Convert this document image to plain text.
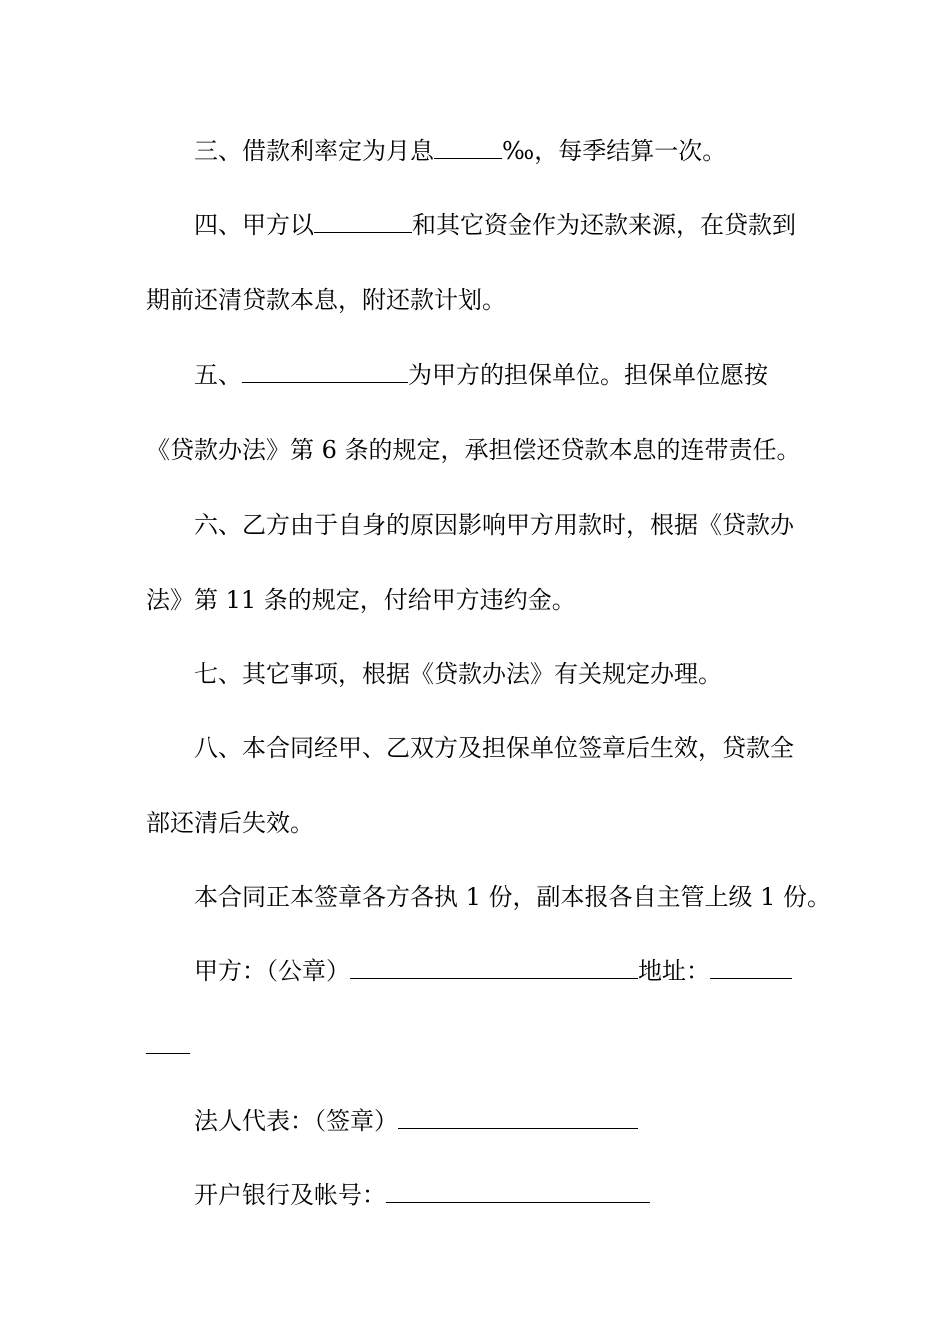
三、借款利率定为月息	‰，每季结算一次。
四、甲方以	和其它资金作为还款来源，在贷款到
期前还清贷款本息，附还款计划。
五、	为甲方的担保单位。担保单位愿按
《贷款办法》第 6 条的规定，承担偿还贷款本息的连带责任。
六、乙方由于自身的原因影响甲方用款时，根据《贷款办
法》第 11 条的规定，付给甲方违约金。
七、其它事项，根据《贷款办法》有关规定办理。
八、本合同经甲、乙双方及担保单位签章后生效，贷款全
部还清后失效。
本合同正本签章各方各执 1 份，副本报各自主管上级 1 份。
甲方：（公章）	地址：
法人代表：（签章）
开户银行及帐号：
